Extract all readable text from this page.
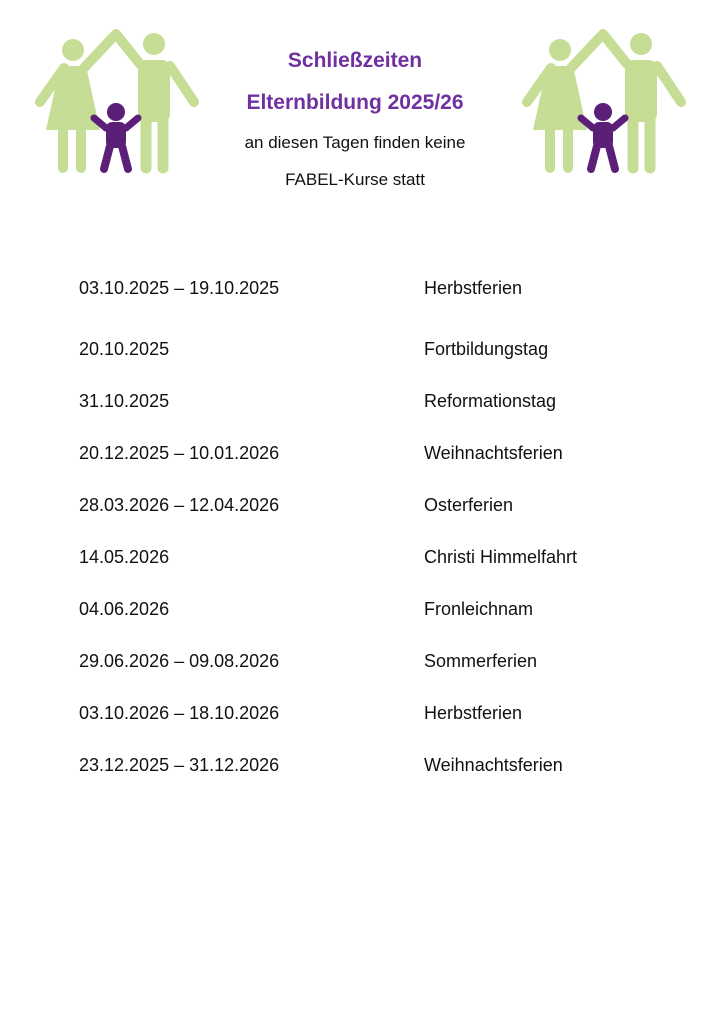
Schließzeiten
Elternbildung 2025/26
an diesen Tagen finden keine
FABEL-Kurse statt
03.10.2025 – 19.10.2025	Herbstferien
20.10.2025	Fortbildungstag
31.10.2025	Reformationstag
20.12.2025 – 10.01.2026	Weihnachtsferien
28.03.2026 – 12.04.2026	Osterferien
14.05.2026	Christi Himmelfahrt
04.06.2026	Fronleichnam
29.06.2026 – 09.08.2026	Sommerferien
03.10.2026 – 18.10.2026	Herbstferien
23.12.2025 – 31.12.2026	Weihnachtsferien
